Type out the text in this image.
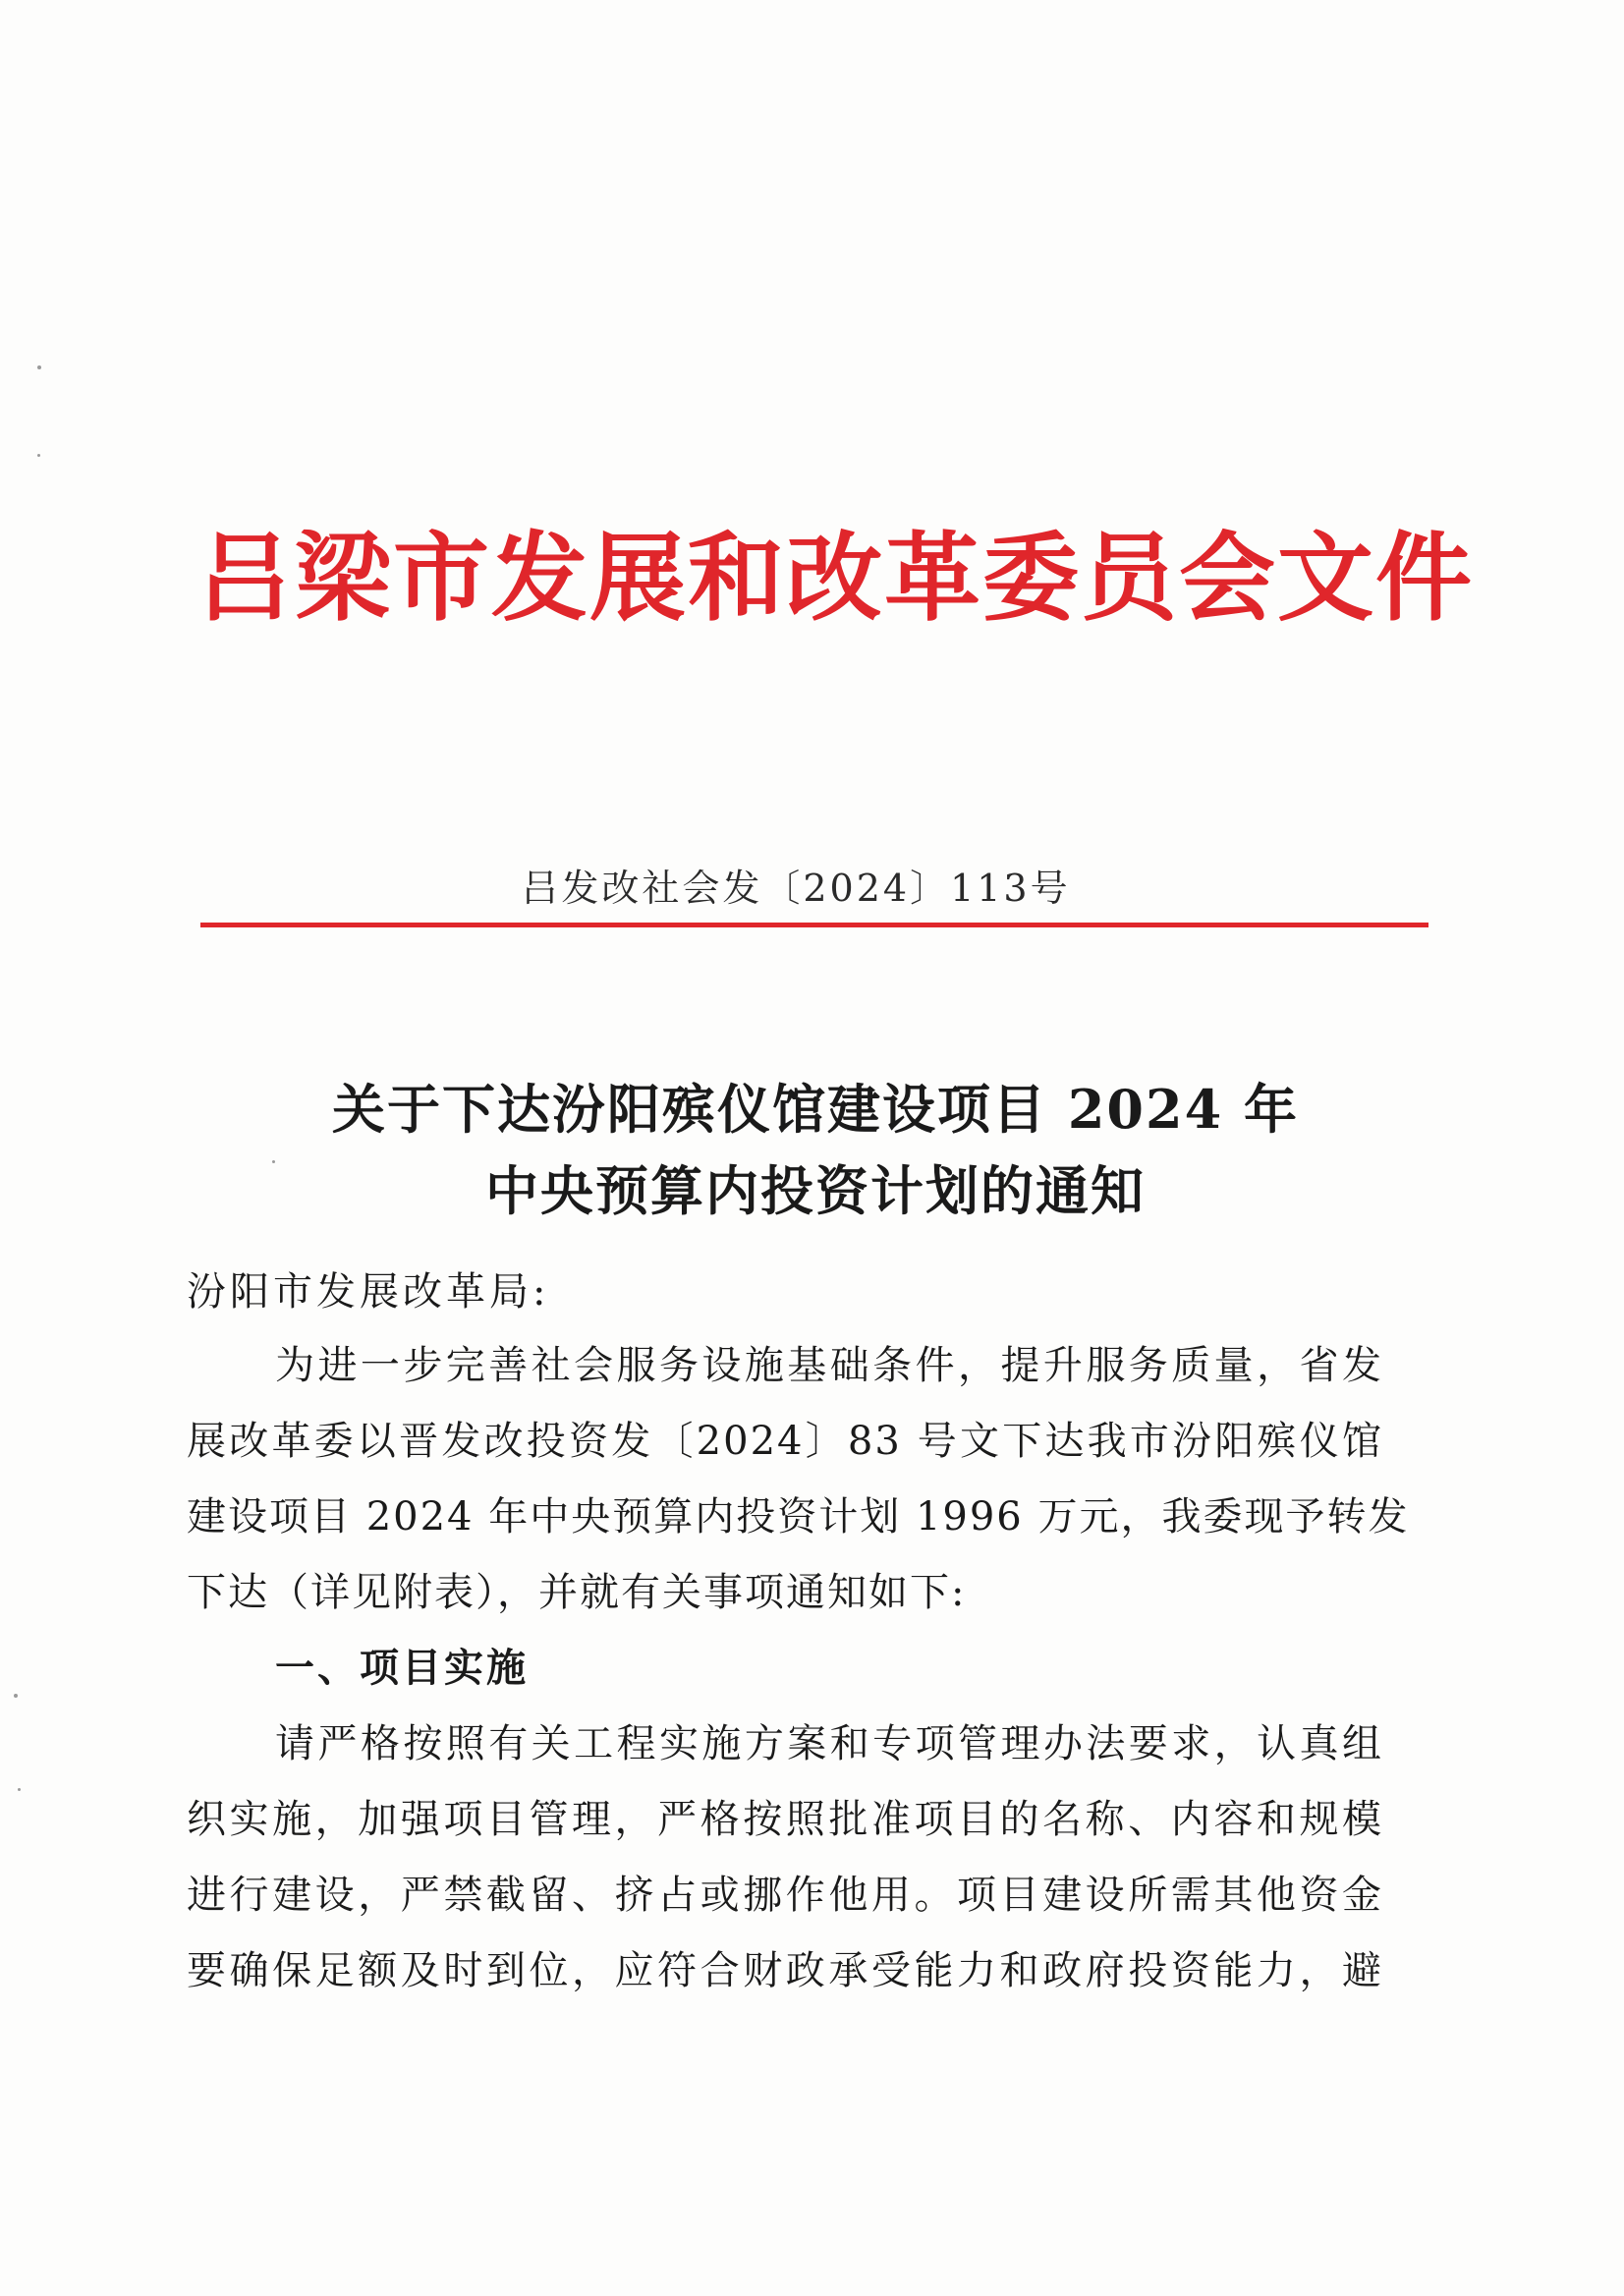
吕梁市发展和改革委员会文件
吕发改社会发〔2024〕113号
关于下达汾阳殡仪馆建设项目 2024 年
中央预算内投资计划的通知
汾阳市发展改革局:
为进一步完善社会服务设施基础条件，提升服务质量，省发
展改革委以晋发改投资发〔2024〕83 号文下达我市汾阳殡仪馆
建设项目 2024 年中央预算内投资计划 1996 万元，我委现予转发
下达（详见附表），并就有关事项通知如下:
一、项目实施
请严格按照有关工程实施方案和专项管理办法要求，认真组
织实施，加强项目管理，严格按照批准项目的名称、内容和规模
进行建设，严禁截留、挤占或挪作他用。项目建设所需其他资金
要确保足额及时到位，应符合财政承受能力和政府投资能力，避
